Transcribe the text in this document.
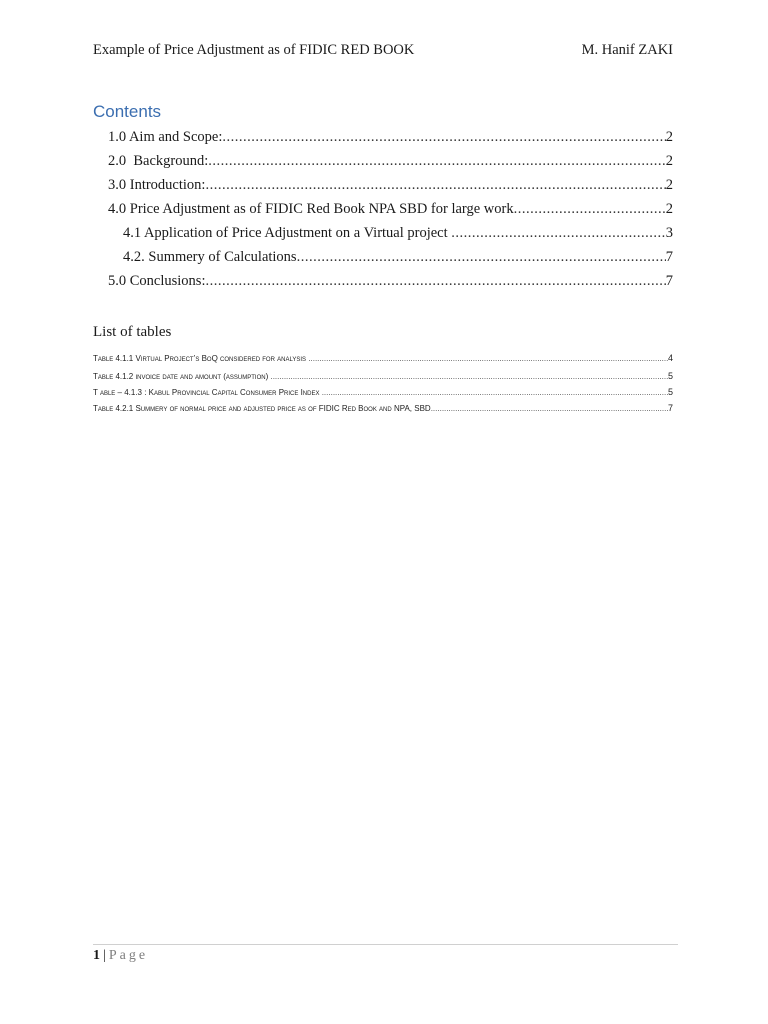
Example of Price Adjustment as of FIDIC RED BOOK	M. Hanif ZAKI
Contents
1.0 Aim and Scope: .....	2
2.0  Background: .....	2
3.0 Introduction: .....	2
4.0 Price Adjustment as of FIDIC Red Book NPA SBD for large work .....	2
4.1 Application of Price Adjustment on a Virtual project .....	3
4.2. Summery of Calculations .....	7
5.0 Conclusions: .....	7
List of tables
Table 4.1.1 Virtual Project’s BoQ considered for analysis .....	4
Table 4.1.2 invoice date and amount (assumption) .....	5
T able – 4.1.3 : Kabul Provincial Capital Consumer Price Index .....	5
Table 4.2.1 Summery of normal price and adjusted price as of FIDIC Red Book and NPA, SBD .....	7
1 | Page
